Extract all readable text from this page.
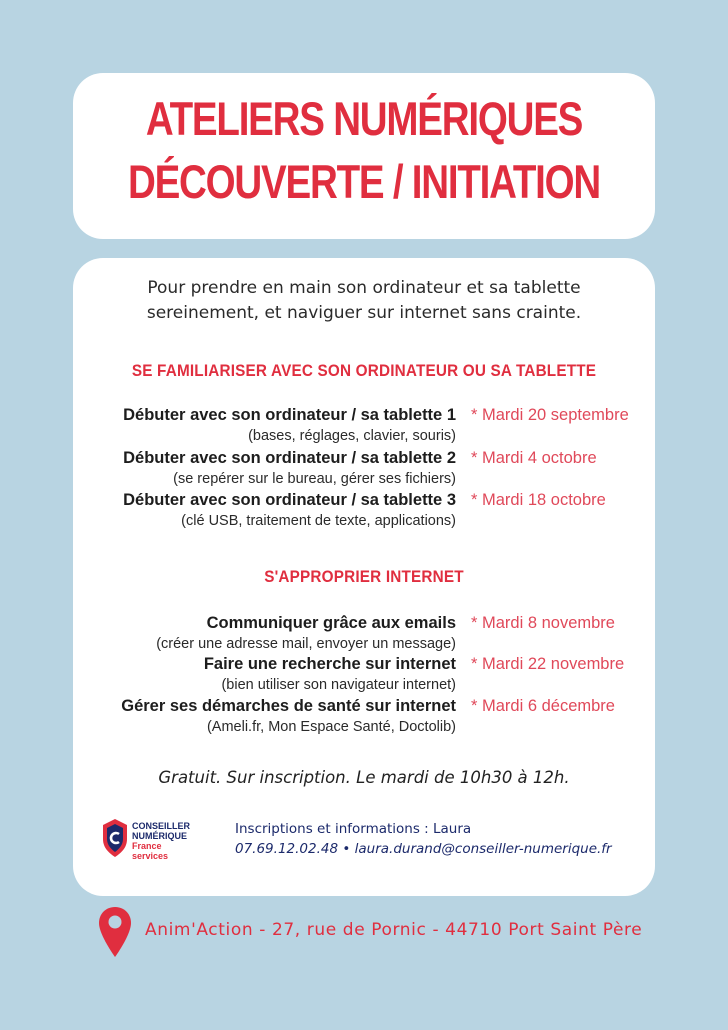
ATELIERS NUMÉRIQUES
DÉCOUVERTE / INITIATION
Pour prendre en main son ordinateur et sa tablette
sereinement, et naviguer sur internet sans crainte.
SE FAMILIARISER AVEC SON ORDINATEUR OU SA TABLETTE
Débuter avec son ordinateur / sa tablette 1
(bases, réglages, clavier, souris)
* Mardi 20 septembre
Débuter avec son ordinateur / sa tablette 2
(se repérer sur le bureau, gérer ses fichiers)
* Mardi 4 octobre
Débuter avec son ordinateur / sa tablette 3
(clé USB, traitement de texte, applications)
* Mardi 18 octobre
S'APPROPRIER INTERNET
Communiquer grâce aux emails
(créer une adresse mail, envoyer un message)
* Mardi 8 novembre
Faire une recherche sur internet
(bien utiliser son navigateur internet)
* Mardi 22 novembre
Gérer ses démarches de santé sur internet
(Ameli.fr, Mon Espace Santé, Doctolib)
* Mardi 6 décembre
Gratuit. Sur inscription. Le mardi de 10h30 à 12h.
CONSEILLER
NUMÉRIQUE
France
services
Inscriptions et informations : Laura
07.69.12.02.48 • laura.durand@conseiller-numerique.fr
Anim'Action - 27, rue de Pornic - 44710 Port Saint Père
